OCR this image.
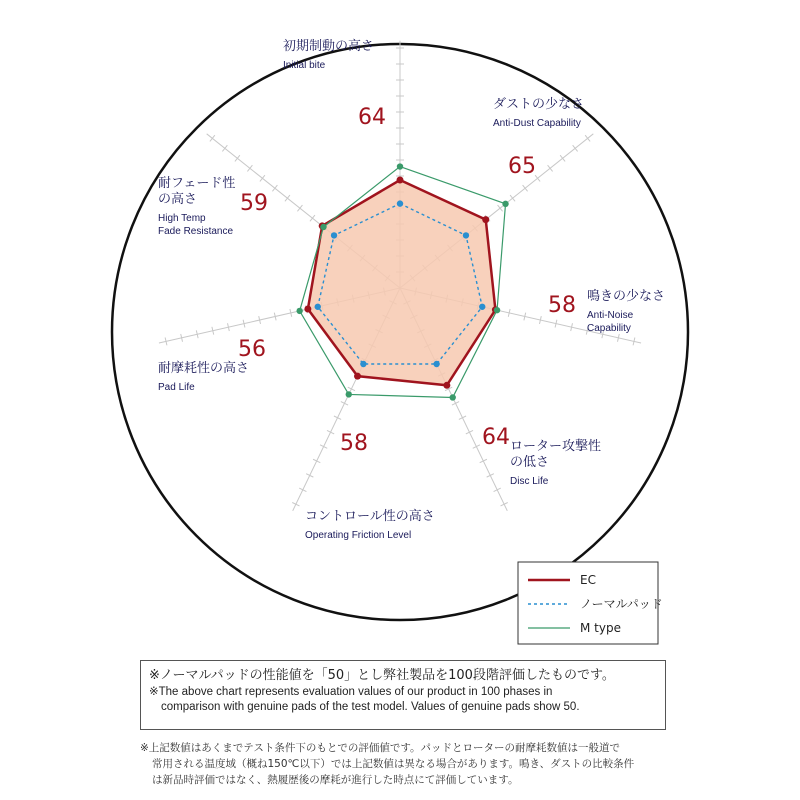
初期制動の高さ
Initial bite
ダストの少なさ
Anti-Dust Capability
鳴きの少なさ
Anti-Noise
Capability
ローター攻撃性
の低さ
Disc Life
コントロール性の高さ
Operating Friction Level
耐摩耗性の高さ
Pad Life
耐フェード性
の高さ
High Temp
Fade Resistance
64
65
58
64
58
56
59
EC
ノーマルパッド
M type
※ノーマルパッドの性能値を「50」とし弊社製品を100段階評価したものです。
※The above chart represents evaluation values of our product in 100 phases in
comparison with genuine pads of the test model. Values of genuine pads show 50.
※上記数値はあくまでテスト条件下のもとでの評価値です。パッドとローターの耐摩耗数値は一般道で
常用される温度域（概ね150℃以下）では上記数値は異なる場合があります。鳴き、ダストの比較条件
は新品時評価ではなく、熱履歴後の摩耗が進行した時点にて評価しています。
